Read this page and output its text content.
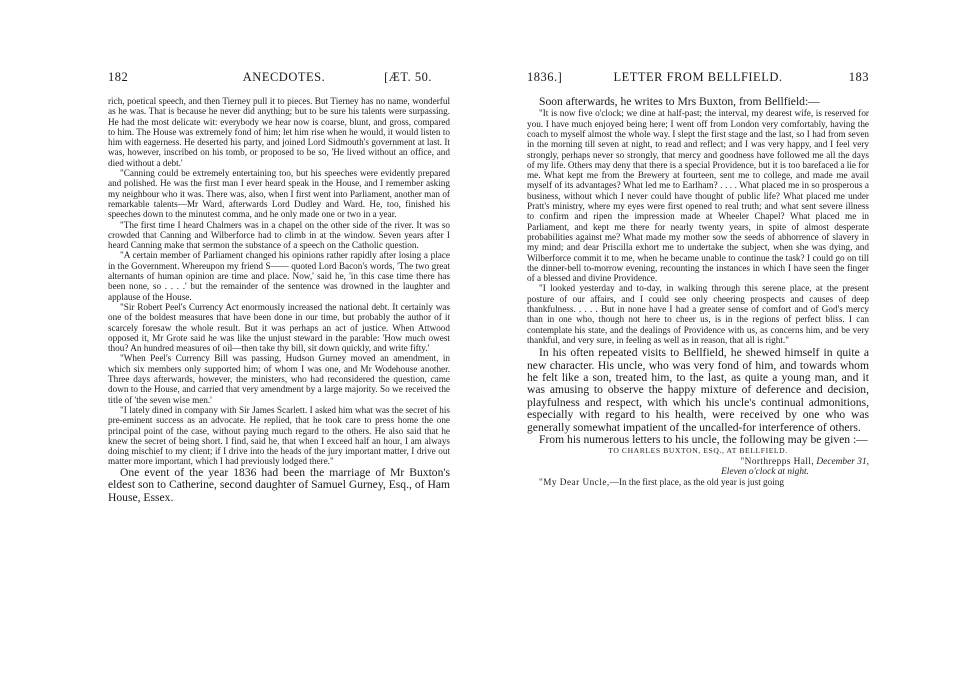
182	ANECDOTES.	[ÆT. 50.

rich, poetical speech, and then Tierney pull it to pieces. But Tierney has no name, wonderful as he was. That is because he never did anything; but to be sure his talents were surpassing. He had the most delicate wit: everybody we hear now is coarse, blunt, and gross, compared to him. The House was extremely fond of him; let him rise when he would, it would listen to him with eagerness. He deserted his party, and joined Lord Sidmouth's government at last. It was, however, inscribed on his tomb, or proposed to be so, 'He lived without an office, and died without a debt.'

"Canning could be extremely entertaining too, but his speeches were evidently prepared and polished. He was the first man I ever heard speak in the House, and I remember asking my neighbour who it was. There was, also, when I first went into Parliament, another man of remarkable talents—Mr Ward, afterwards Lord Dudley and Ward. He, too, finished his speeches down to the minutest comma, and he only made one or two in a year.

"The first time I heard Chalmers was in a chapel on the other side of the river. It was so crowded that Canning and Wilberforce had to climb in at the window. Seven years after I heard Canning make that sermon the substance of a speech on the Catholic question.

"A certain member of Parliament changed his opinions rather rapidly after losing a place in the Government. Whereupon my friend S—— quoted Lord Bacon's words, 'The two great alternants of human opinion are time and place. Now,' said he, 'in this case time there has been none, so . . . .' but the remainder of the sentence was drowned in the laughter and applause of the House.

"Sir Robert Peel's Currency Act enormously increased the national debt. It certainly was one of the boldest measures that have been done in our time, but probably the author of it scarcely foresaw the whole result. But it was perhaps an act of justice. When Attwood opposed it, Mr Grote said he was like the unjust steward in the parable: 'How much owest thou? An hundred measures of oil—then take thy bill, sit down quickly, and write fifty.'

"When Peel's Currency Bill was passing, Hudson Gurney moved an amendment, in which six members only supported him; of whom I was one, and Mr Wodehouse another. Three days afterwards, however, the ministers, who had reconsidered the question, came down to the House, and carried that very amendment by a large majority. So we received the title of 'the seven wise men.'

"I lately dined in company with Sir James Scarlett. I asked him what was the secret of his pre-eminent success as an advocate. He replied, that he took care to press home the one principal point of the case, without paying much regard to the others. He also said that he knew the secret of being short. I find, said he, that when I exceed half an hour, I am always doing mischief to my client; if I drive into the heads of the jury important matter, I drive out matter more important, which I had previously lodged there."

One event of the year 1836 had been the marriage of Mr Buxton's eldest son to Catherine, second daughter of Samuel Gurney, Esq., of Ham House, Essex.

1836.]	LETTER FROM BELLFIELD.	183

Soon afterwards, he writes to Mrs Buxton, from Bellfield:—

"It is now five o'clock; we dine at half-past; the interval, my dearest wife, is reserved for you. I have much enjoyed being here; I went off from London very comfortably, having the coach to myself almost the whole way. I slept the first stage and the last, so I had from seven in the morning till seven at night, to read and reflect; and I was very happy, and I feel very strongly, perhaps never so strongly, that mercy and goodness have followed me all the days of my life. Others may deny that there is a special Providence, but it is too barefaced a lie for me. What kept me from the Brewery at fourteen, sent me to college, and made me avail myself of its advantages? What led me to Earlham? . . . . What placed me in so prosperous a business, without which I never could have thought of public life? What placed me under Pratt's ministry, where my eyes were first opened to real truth; and what sent severe illness to confirm and ripen the impression made at Wheeler Chapel? What placed me in Parliament, and kept me there for nearly twenty years, in spite of almost desperate probabilities against me? What made my mother sow the seeds of abhorrence of slavery in my mind; and dear Priscilla exhort me to undertake the subject, when she was dying, and Wilberforce commit it to me, when he became unable to continue the task? I could go on till the dinner-bell to-morrow evening, recounting the instances in which I have seen the finger of a blessed and divine Providence.

"I looked yesterday and to-day, in walking through this serene place, at the present posture of our affairs, and I could see only cheering prospects and causes of deep thankfulness. . . . . But in none have I had a greater sense of comfort and of God's mercy than in one who, though not here to cheer us, is in the regions of perfect bliss. I can contemplate his state, and the dealings of Providence with us, as concerns him, and be very thankful, and very sure, in feeling as well as in reason, that all is right."

In his often repeated visits to Bellfield, he shewed himself in quite a new character. His uncle, who was very fond of him, and towards whom he felt like a son, treated him, to the last, as quite a young man, and it was amusing to observe the happy mixture of deference and decision, playfulness and respect, with which his uncle's continual admonitions, especially with regard to his health, were received by one who was generally somewhat impatient of the uncalled-for interference of others.

From his numerous letters to his uncle, the following may be given :—

TO CHARLES BUXTON, ESQ., AT BELLFIELD.

"Northrepps Hall, December 31,

Eleven o'clock at night.

"My Dear Uncle,—In the first place, as the old year is just going
